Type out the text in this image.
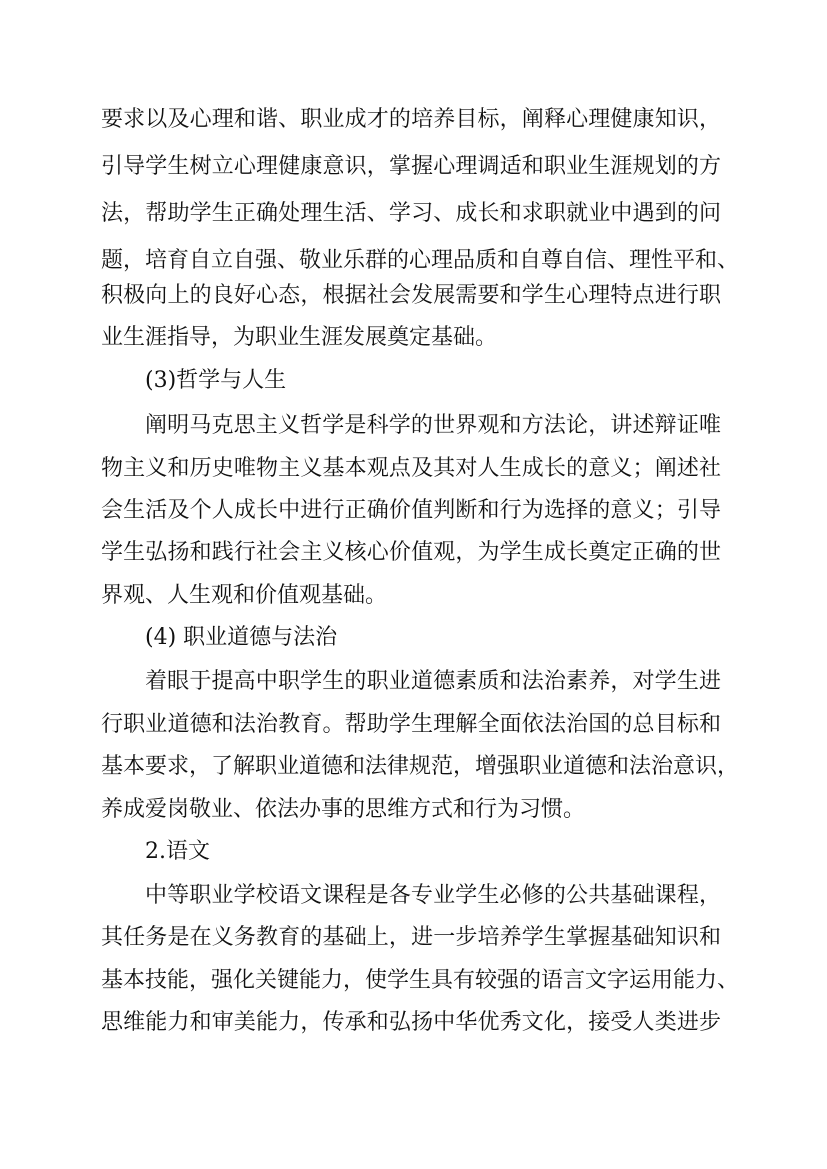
要求以及心理和谐、职业成才的培养目标，阐释心理健康知识，
引导学生树立心理健康意识，掌握心理调适和职业生涯规划的方
法，帮助学生正确处理生活、学习、成长和求职就业中遇到的问
题，培育自立自强、敬业乐群的心理品质和自尊自信、理性平和、
积极向上的良好心态，根据社会发展需要和学生心理特点进行职
业生涯指导，为职业生涯发展奠定基础。
(3)哲学与人生
阐明马克思主义哲学是科学的世界观和方法论，讲述辩证唯
物主义和历史唯物主义基本观点及其对人生成长的意义；阐述社
会生活及个人成长中进行正确价值判断和行为选择的意义；引导
学生弘扬和践行社会主义核心价值观，为学生成长奠定正确的世
界观、人生观和价值观基础。
(4) 职业道德与法治
着眼于提高中职学生的职业道德素质和法治素养，对学生进
行职业道德和法治教育。帮助学生理解全面依法治国的总目标和
基本要求，了解职业道德和法律规范，增强职业道德和法治意识，
养成爱岗敬业、依法办事的思维方式和行为习惯。
2.语文
中等职业学校语文课程是各专业学生必修的公共基础课程，
其任务是在义务教育的基础上，进一步培养学生掌握基础知识和
基本技能，强化关键能力，使学生具有较强的语言文字运用能力、
思维能力和审美能力，传承和弘扬中华优秀文化，接受人类进步
